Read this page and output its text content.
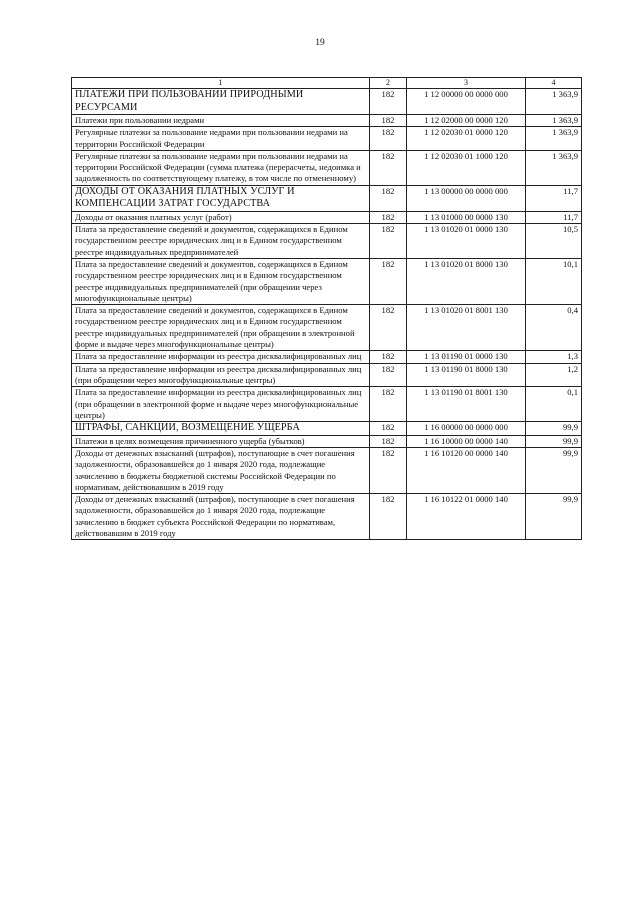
19
1	2	3	4
ПЛАТЕЖИ ПРИ ПОЛЬЗОВАНИИ ПРИРОДНЫМИ РЕСУРСАМИ	182	1 12 00000 00 0000 000	1 363,9
Платежи при пользовании недрами	182	1 12 02000 00 0000 120	1 363,9
Регулярные платежи за пользование недрами при пользовании недрами на территории Российской Федерации	182	1 12 02030 01 0000 120	1 363,9
Регулярные платежи за пользование недрами при пользовании недрами на территории Российской Федерации (сумма платежа (перерасчеты, недоимка и задолженность по соответствующему платежу, в том числе по отмененному)	182	1 12 02030 01 1000 120	1 363,9
ДОХОДЫ ОТ ОКАЗАНИЯ ПЛАТНЫХ УСЛУГ И КОМПЕНСАЦИИ ЗАТРАТ ГОСУДАРСТВА	182	1 13 00000 00 0000 000	11,7
Доходы от оказания платных услуг (работ)	182	1 13 01000 00 0000 130	11,7
Плата за предоставление сведений и документов, содержащихся в Едином государственном реестре юридических лиц и в Едином государственном реестре индивидуальных предпринимателей	182	1 13 01020 01 0000 130	10,5
Плата за предоставление сведений и документов, содержащихся в Едином государственном реестре юридических лиц и в Едином государственном реестре индивидуальных предпринимателей (при обращении через многофункциональные центры)	182	1 13 01020 01 8000 130	10,1
Плата за предоставление сведений и документов, содержащихся в Едином государственном реестре юридических лиц и в Едином государственном реестре индивидуальных предпринимателей (при обращении в электронной форме и выдаче через многофункциональные центры)	182	1 13 01020 01 8001 130	0,4
Плата за предоставление информации из реестра дисквалифицированных лиц	182	1 13 01190 01 0000 130	1,3
Плата за предоставление информации из реестра дисквалифицированных лиц (при обращении через многофункциональные центры)	182	1 13 01190 01 8000 130	1,2
Плата за предоставление информации из реестра дисквалифицированных лиц (при обращении в электронной форме и выдаче через многофункциональные центры)	182	1 13 01190 01 8001 130	0,1
ШТРАФЫ, САНКЦИИ, ВОЗМЕЩЕНИЕ УЩЕРБА	182	1 16 00000 00 0000 000	99,9
Платежи в целях возмещения причиненного ущерба (убытков)	182	1 16 10000 00 0000 140	99,9
Доходы от денежных взысканий (штрафов), поступающие в счет погашения задолженности, образовавшейся до 1 января 2020 года, подлежащие зачислению в бюджеты бюджетной системы Российской Федерации по нормативам, действовавшим в 2019 году	182	1 16 10120 00 0000 140	99,9
Доходы от денежных взысканий (штрафов), поступающие в счет погашения задолженности, образовавшейся до 1 января 2020 года, подлежащие зачислению в бюджет субъекта Российской Федерации по нормативам, действовавшим в 2019 году	182	1 16 10122 01 0000 140	99,9
